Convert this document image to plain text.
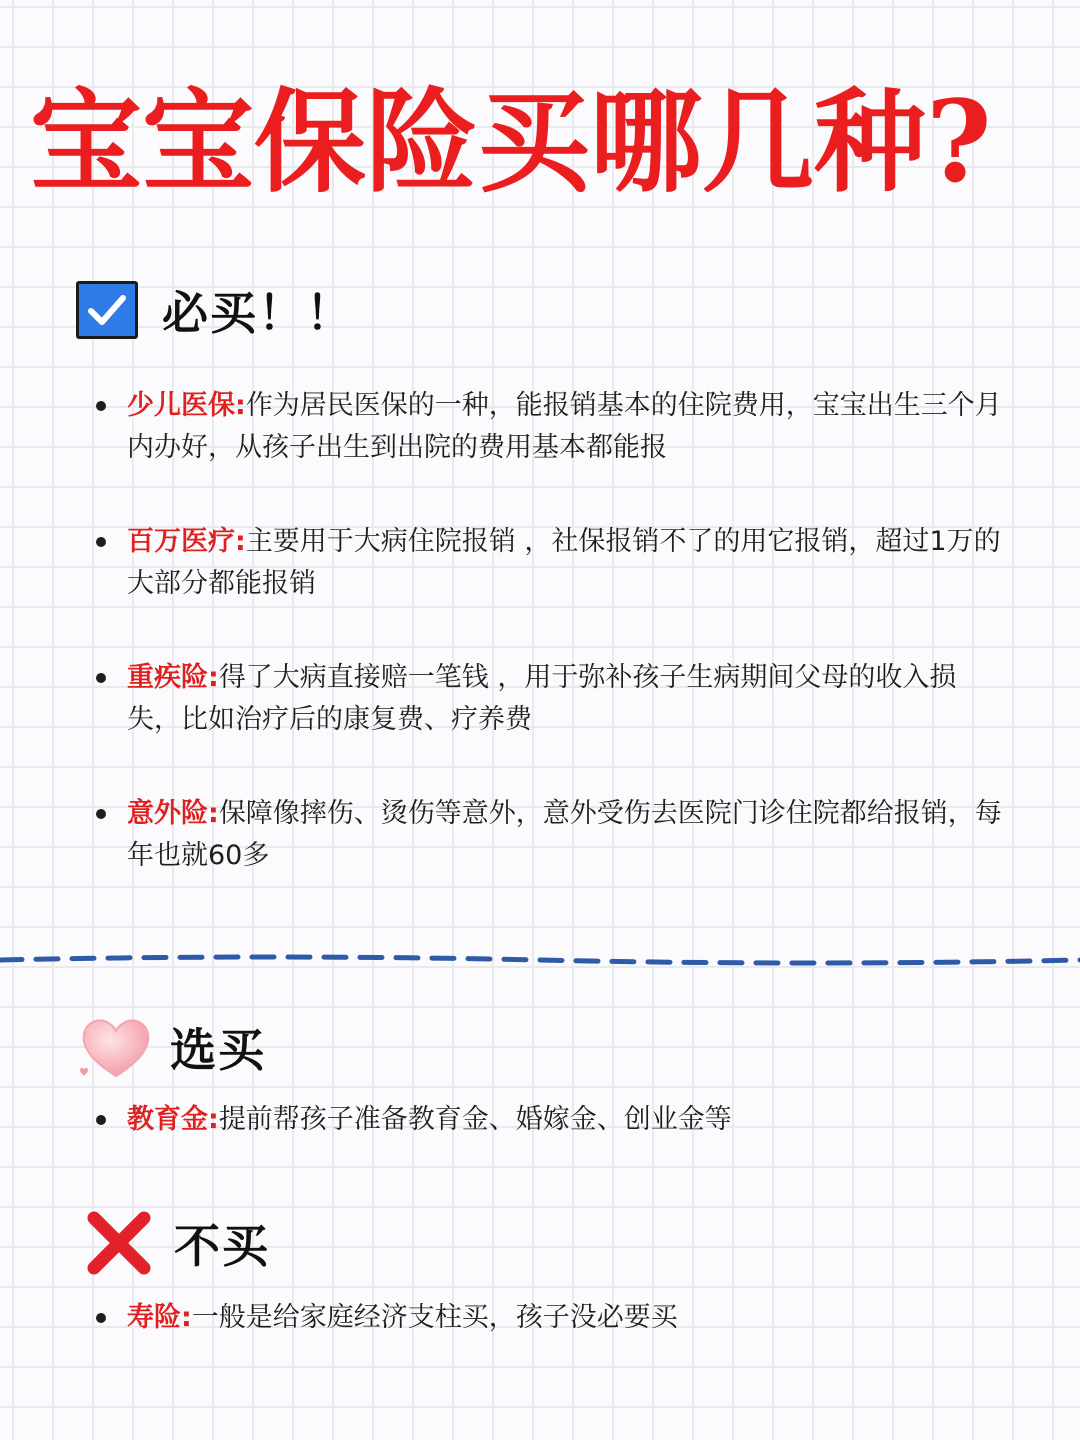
宝宝保险买哪几种?
必买！！
少儿医保:作为居民医保的一种，能报销基本的住院费用，宝宝出生三个月内办好，从孩子出生到出院的费用基本都能报
百万医疗:主要用于大病住院报销 ，社保报销不了的用它报销，超过1万的大部分都能报销
重疾险:得了大病直接赔一笔钱 ，用于弥补孩子生病期间父母的收入损失，比如治疗后的康复费、疗养费
意外险:保障像摔伤、烫伤等意外，意外受伤去医院门诊住院都给报销，每年也就60多
选买
教育金:提前帮孩子准备教育金、婚嫁金、创业金等
不买
寿险:一般是给家庭经济支柱买，孩子没必要买
